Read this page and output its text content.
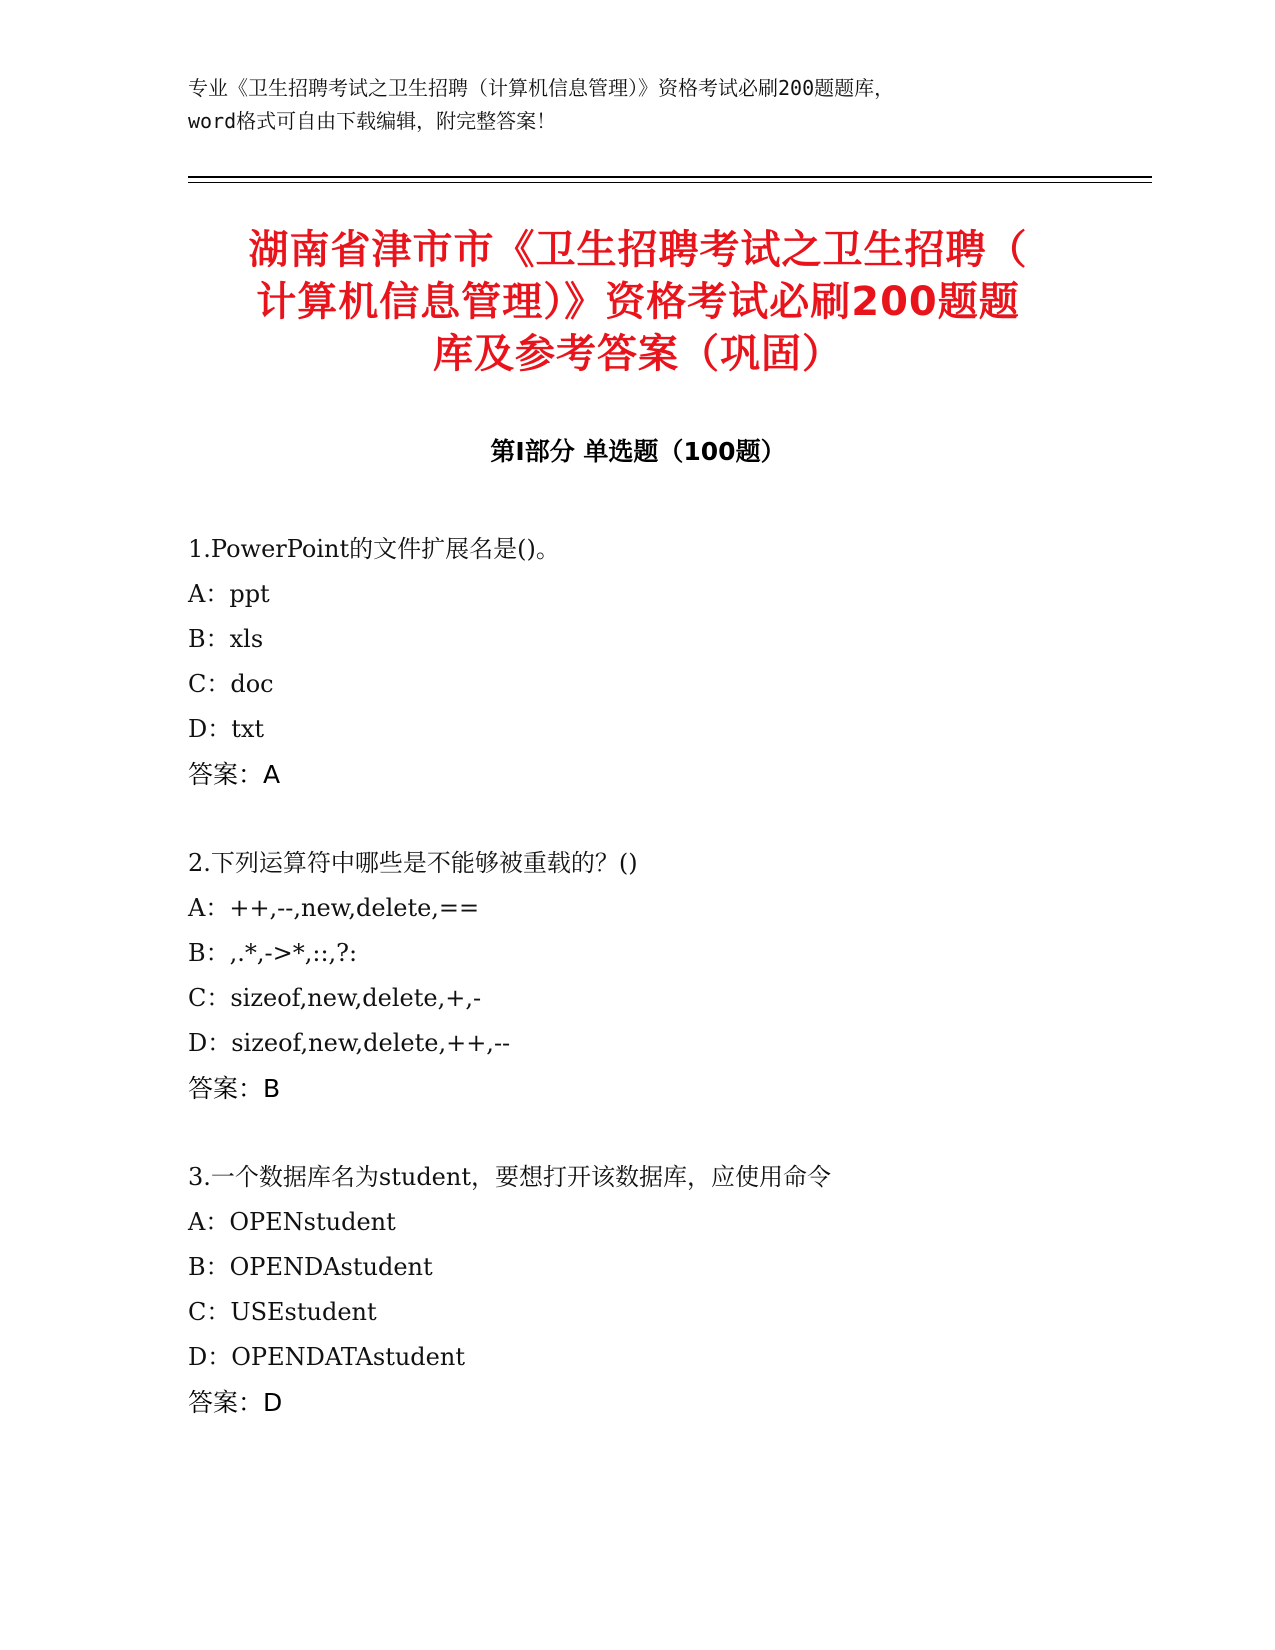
专业《卫生招聘考试之卫生招聘（计算机信息管理）》资格考试必刷200题题库，
word格式可自由下载编辑，附完整答案！
湖南省津市市《卫生招聘考试之卫生招聘（
计算机信息管理）》资格考试必刷200题题
库及参考答案（巩固）
第Ⅰ部分 单选题（100题）
1.PowerPoint的文件扩展名是()。
A：ppt
B：xls
C：doc
D：txt
答案：A
2.下列运算符中哪些是不能够被重载的？()
A：++,--,new,delete,==
B：,.*,->*,::,?:
C：sizeof,new,delete,+,-
D：sizeof,new,delete,++,--
答案：B
3.一个数据库名为student，要想打开该数据库，应使用命令
A：OPENstudent
B：OPENDAstudent
C：USEstudent
D：OPENDATAstudent
答案：D
